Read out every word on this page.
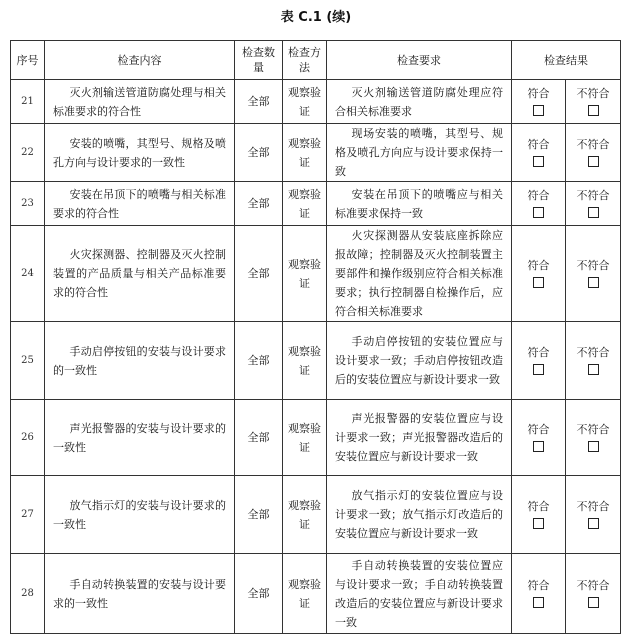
表 C.1 (续)
序号	检查内容	检查数量	检查方法	检查要求	检查结果	
21	灭火剂输送管道防腐处理与相关标准要求的符合性	全部	观察验证	灭火剂输送管道防腐处理应符合相关标准要求	符合	不符合

22	安装的喷嘴，其型号、规格及喷孔方向与设计要求的一致性	全部	观察验证	现场安装的喷嘴，其型号、规格及喷孔方向应与设计要求保持一致	符合	不符合

23	安装在吊顶下的喷嘴与相关标准要求的符合性	全部	观察验证	安装在吊顶下的喷嘴应与相关标准要求保持一致	符合	不符合

24	火灾探测器、控制器及灭火控制装置的产品质量与相关产品标准要求的符合性	全部	观察验证	火灾探测器从安装底座拆除应报故障；控制器及灭火控制装置主要部件和操作级别应符合相关标准要求；执行控制器自检操作后，应符合相关标准要求	符合	不符合

25	手动启停按钮的安装与设计要求的一致性	全部	观察验证	手动启停按钮的安装位置应与设计要求一致；手动启停按钮改造后的安装位置应与新设计要求一致	符合	不符合

26	声光报警器的安装与设计要求的一致性	全部	观察验证	声光报警器的安装位置应与设计要求一致；声光报警器改造后的安装位置应与新设计要求一致	符合	不符合

27	放气指示灯的安装与设计要求的一致性	全部	观察验证	放气指示灯的安装位置应与设计要求一致；放气指示灯改造后的安装位置应与新设计要求一致	符合	不符合

28	手自动转换装置的安装与设计要求的一致性	全部	观察验证	手自动转换装置的安装位置应与设计要求一致；手自动转换装置改造后的安装位置应与新设计要求一致	符合	不符合
